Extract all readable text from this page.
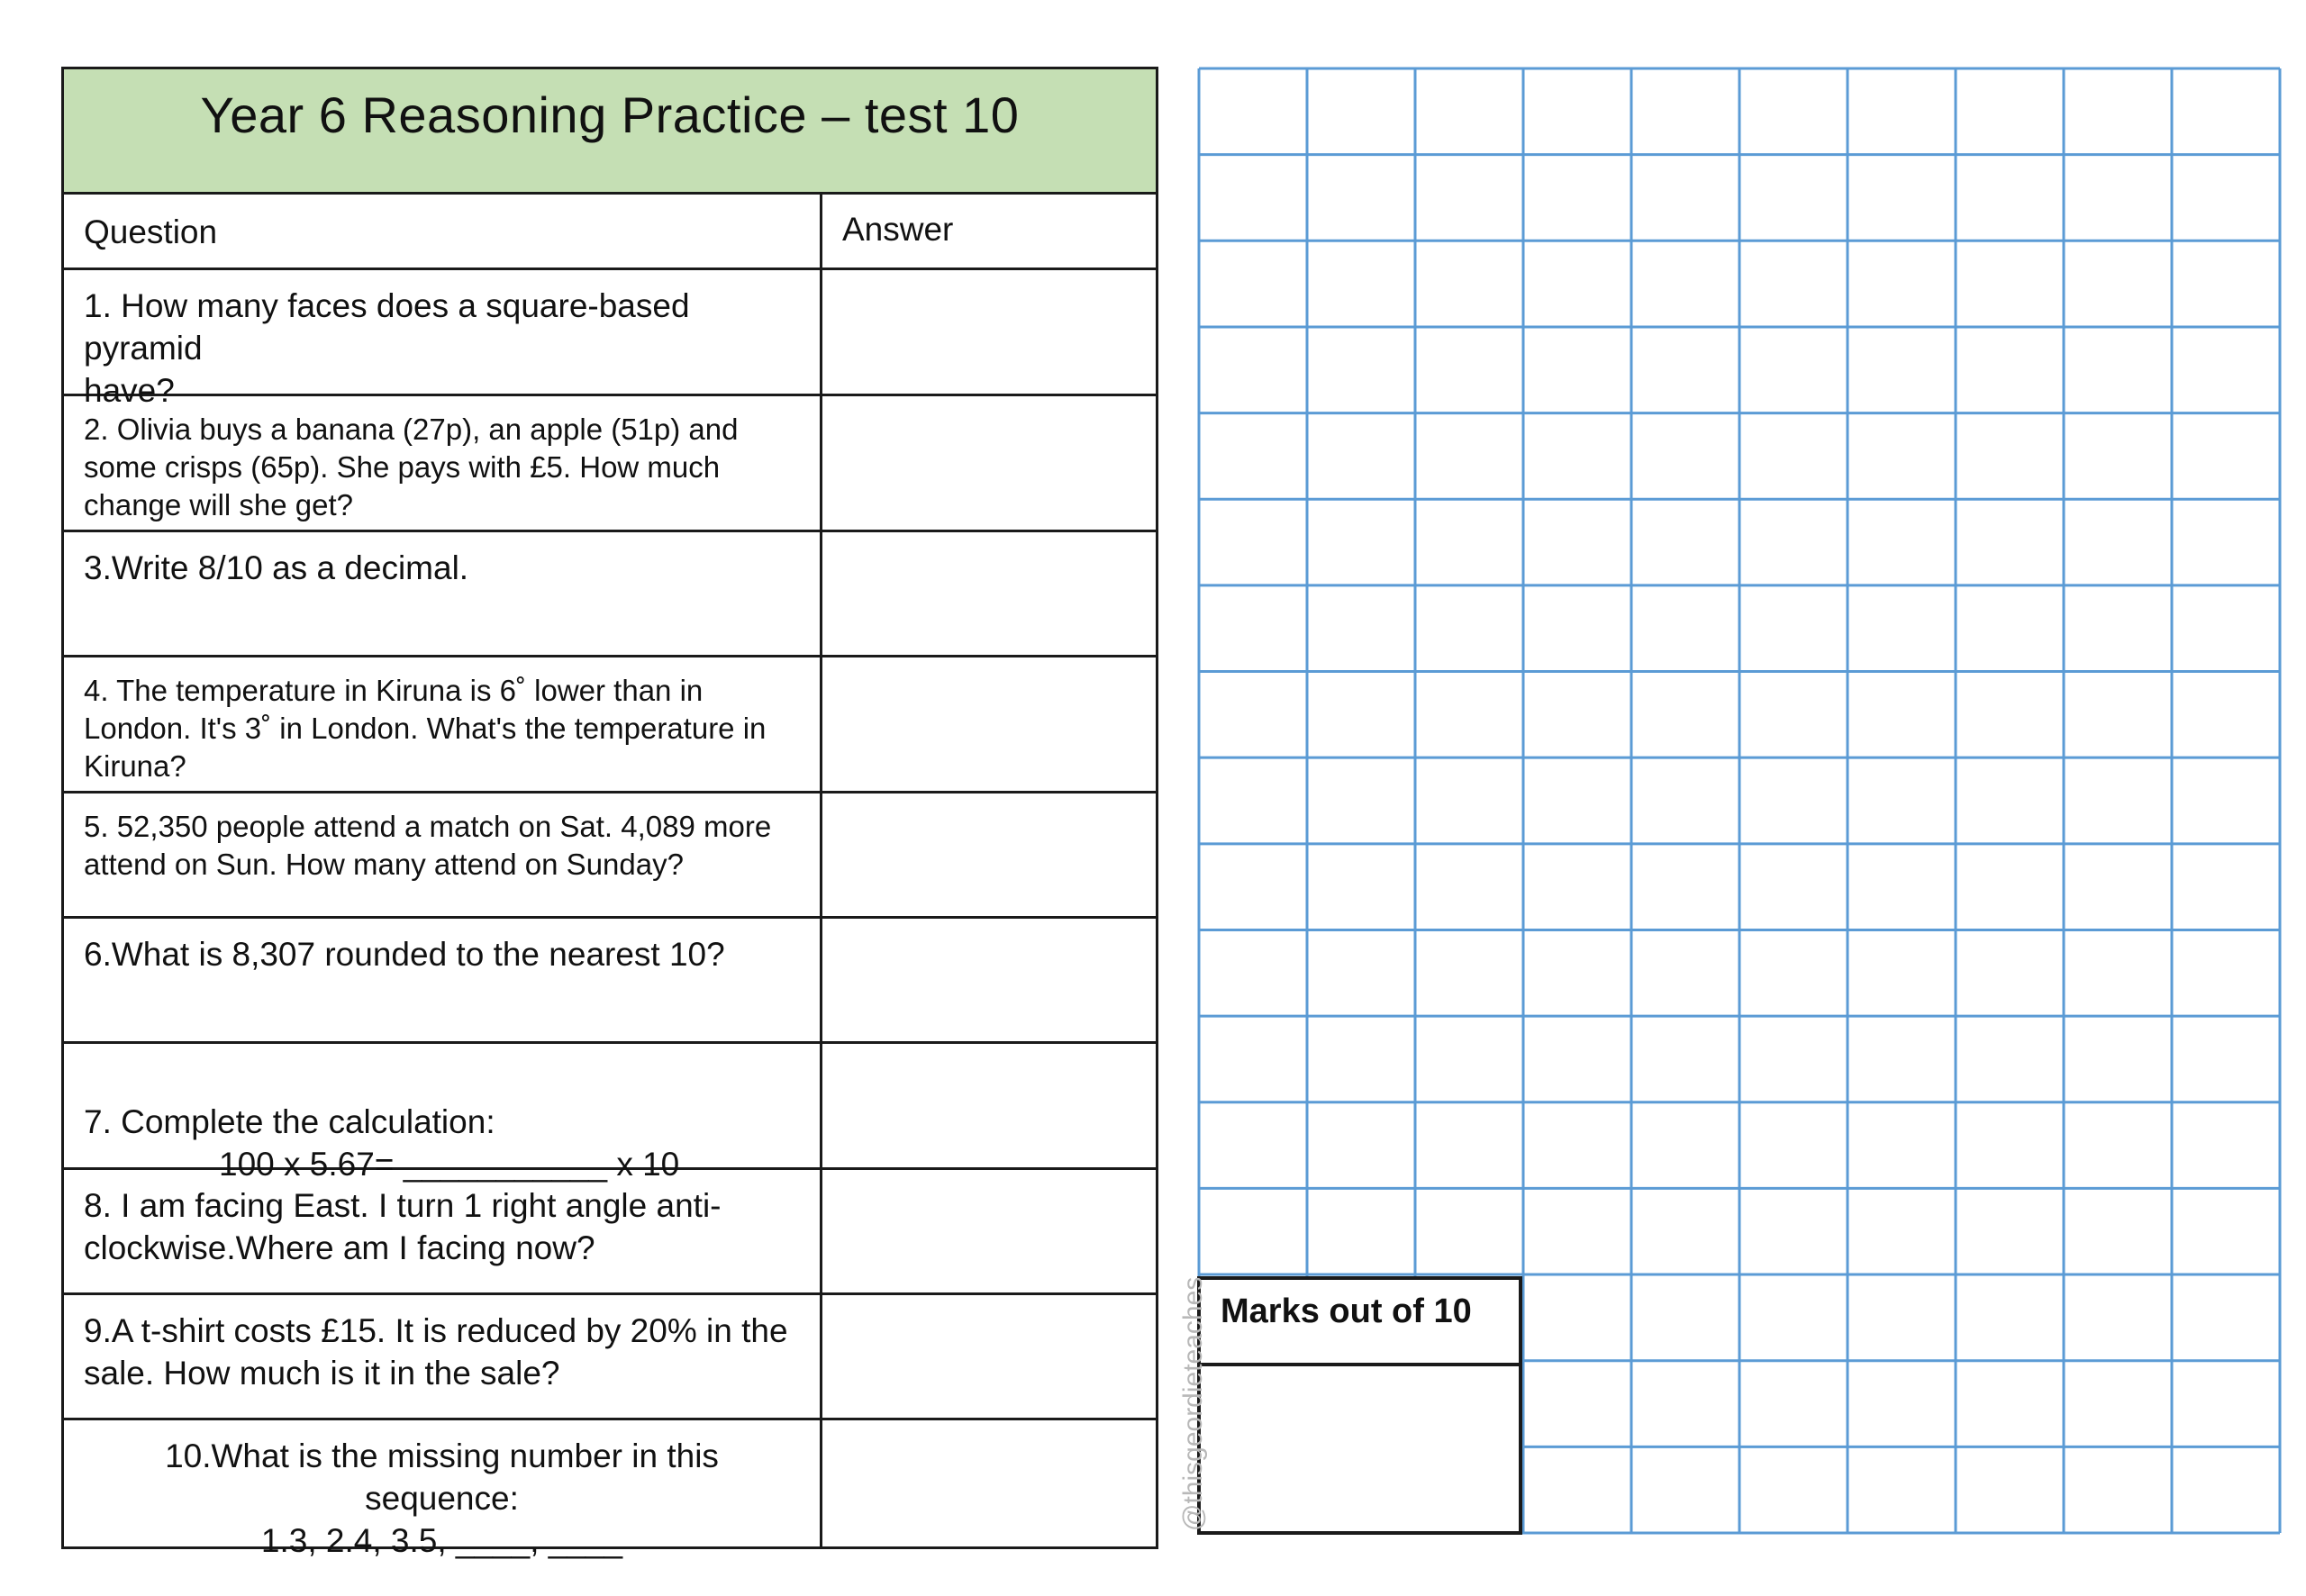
Year 6 Reasoning Practice – test 10
Question	Answer
1. How many faces does a square-based pyramid
have?
2. Olivia buys a banana (27p), an apple (51p) and
some crisps (65p). She pays with £5. How much
change will she get?
3.Write 8/10 as a decimal.
4. The temperature in Kiruna is 6˚ lower than in
London. It's 3˚ in London. What's the temperature in
Kiruna?
5. 52,350 people attend a match on Sat. 4,089 more
attend on Sun. How many attend on Sunday?
6.What is 8,307 rounded to the nearest 10?

7. Complete the calculation:

100 x 5.67= ___________ x 10

8. I am facing East. I turn 1 right angle anti-
clockwise.Where am I facing now?
9.A t-shirt costs £15. It is reduced by 20% in the
sale. How much is it in the sale?
10.What is the missing number in this sequence:
1.3, 2.4, 3.5, ____, ____
Marks out of 10
@thisgeordieteaches
